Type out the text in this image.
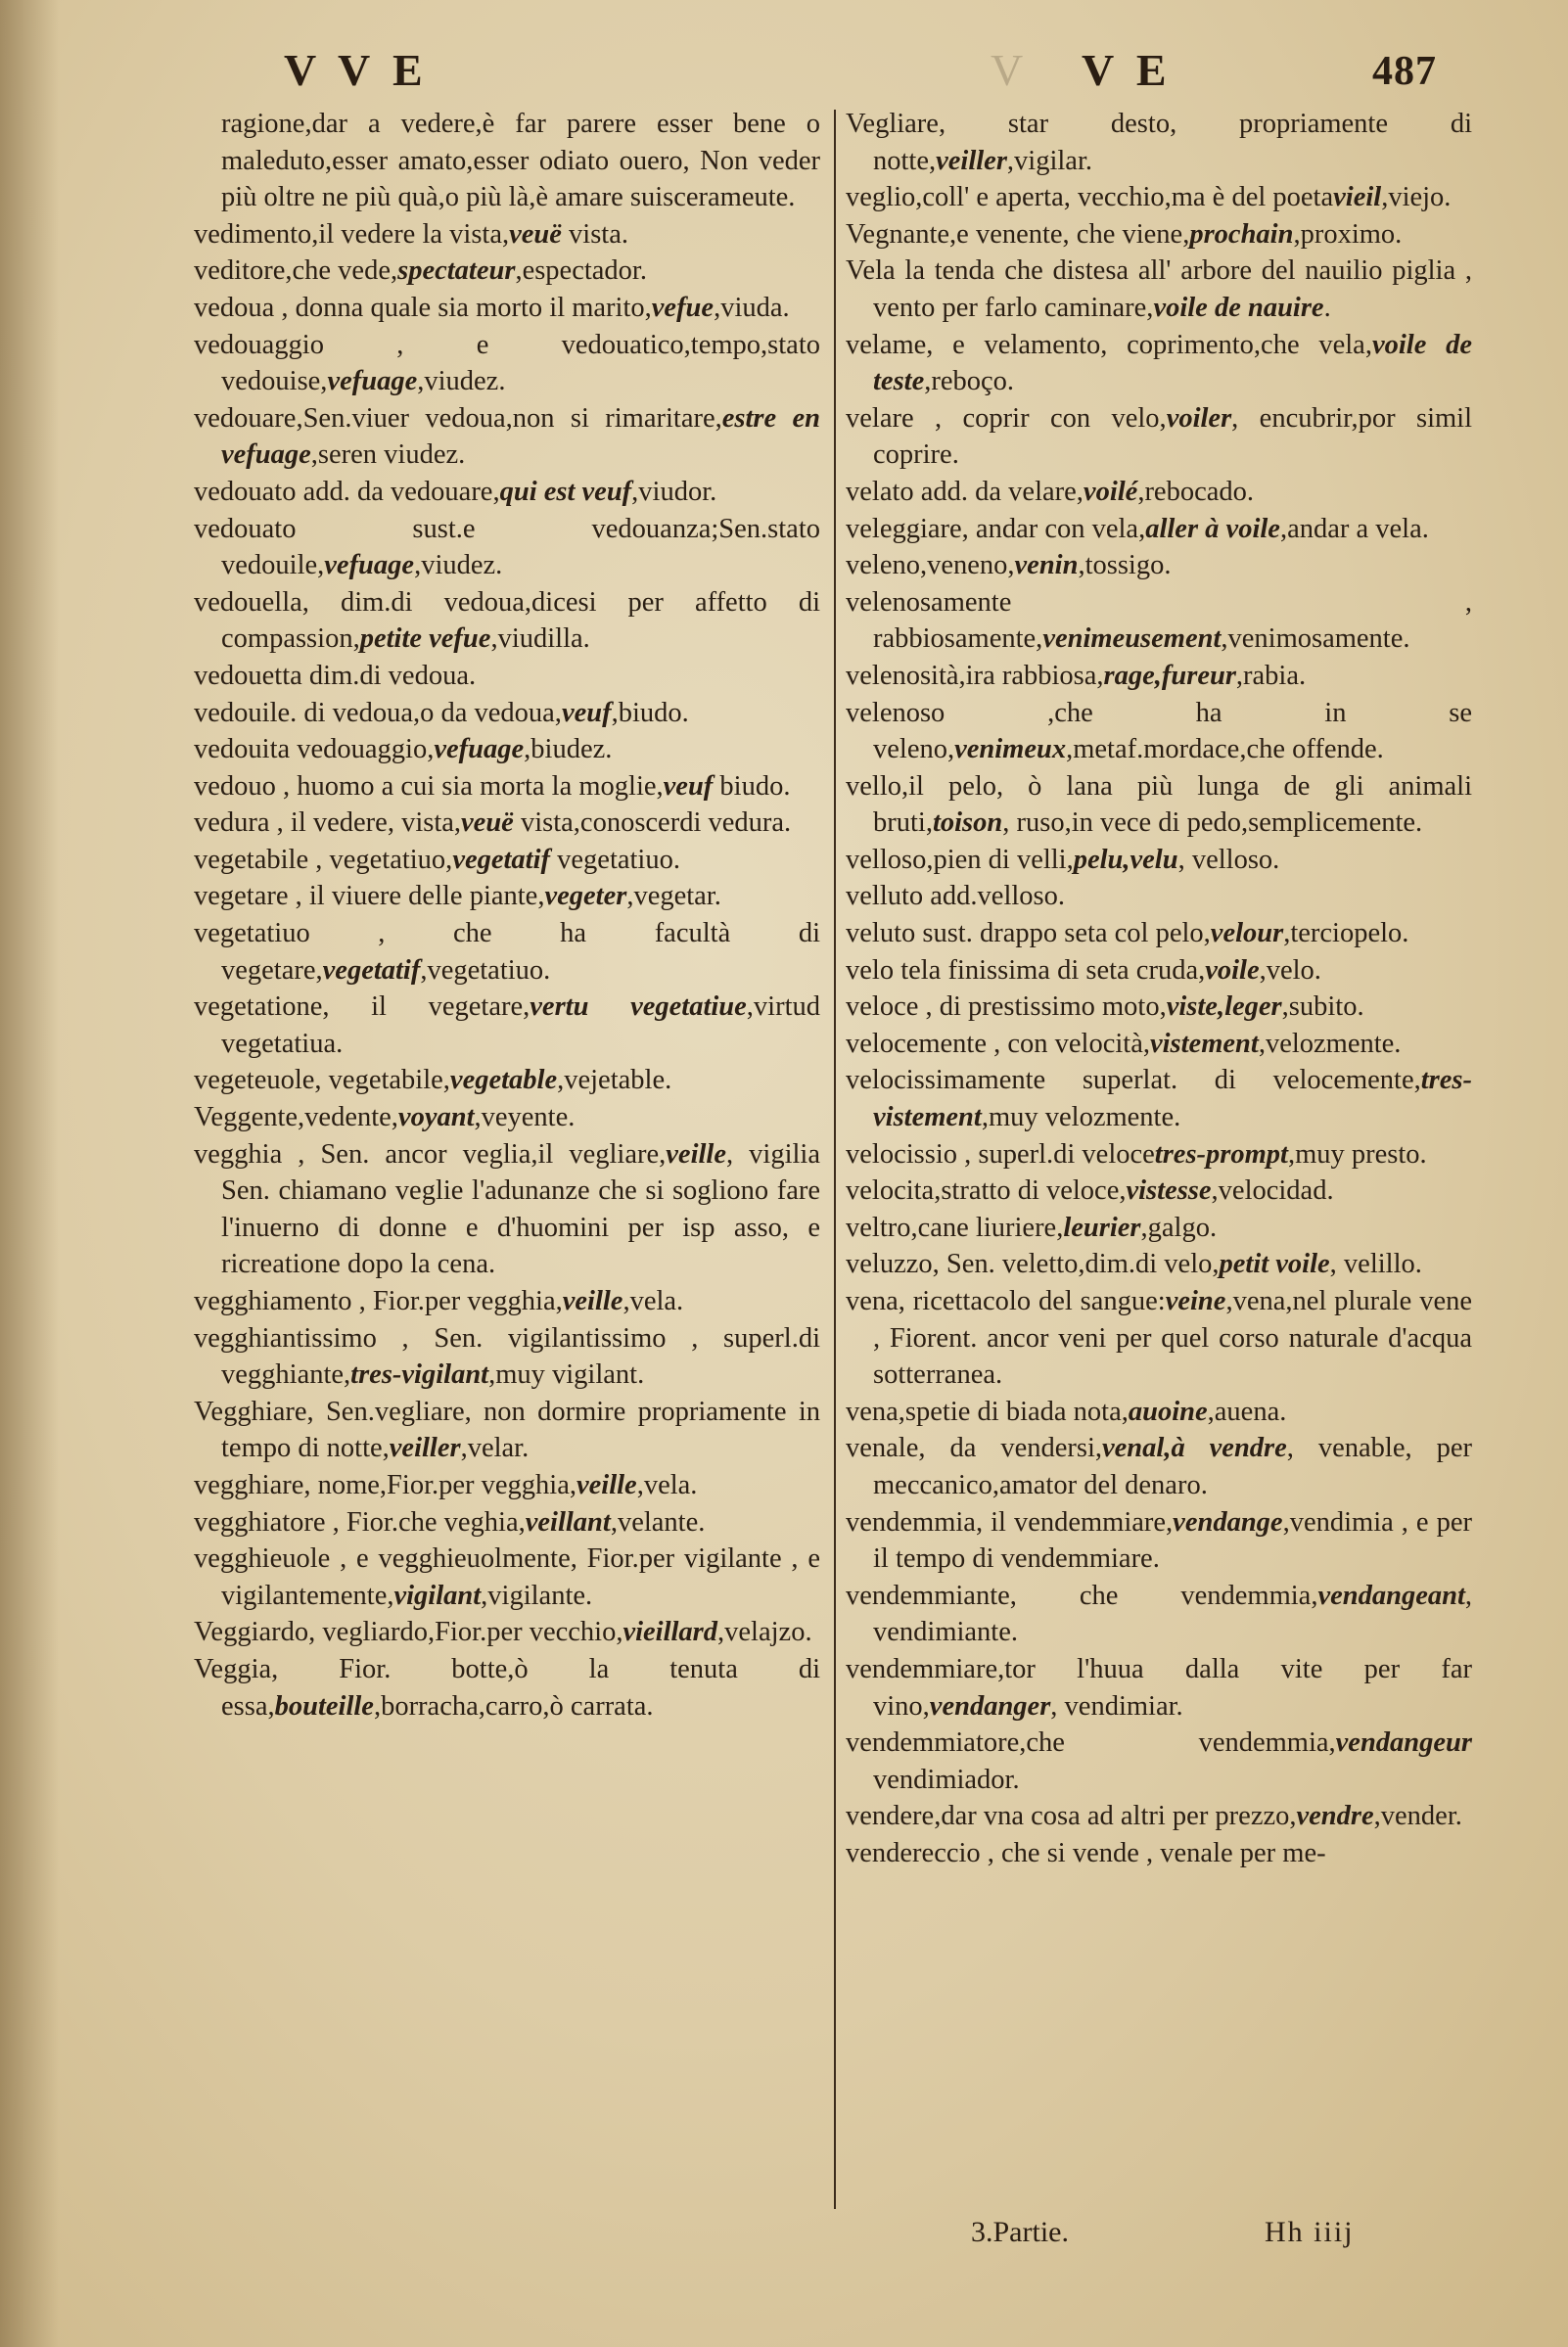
V V E	V V E	487
ragione,dar a vedere,è far parere esser bene o maleduto,esser amato,esser odiato ouero, Non veder più oltre ne più quà,o più là,è amare suiscerameute.
vedimento,il vedere la vista,veuë vista.
veditore,che vede,spectateur,espectador.
vedoua , donna quale sia morto il marito,vefue,viuda.
vedouaggio , e vedouatico,tempo,stato vedouise,vefuage,viudez.
vedouare,Sen.viuer vedoua,non si rimaritare,estre en vefuage,seren viudez.
vedouato add. da vedouare,qui est veuf,viudor.
vedouato sust.e vedouanza;Sen.stato vedouile,vefuage,viudez.
vedouella, dim.di vedoua,dicesi per affetto di compassion,petite vefue,viudilla.
vedouetta dim.di vedoua.
vedouile. di vedoua,o da vedoua,veuf,biudo.
vedouita vedouaggio,vefuage,biudez.
vedouo , huomo a cui sia morta la moglie,veuf biudo.
vedura , il vedere, vista,veuë vista,conoscerdi vedura.
vegetabile , vegetatiuo,vegetatif vegetatiuo.
vegetare , il viuere delle piante,vegeter,vegetar.
vegetatiuo , che ha facultà di vegetare,vegetatif,vegetatiuo.
vegetatione, il vegetare,vertu vegetatiue,virtud vegetatiua.
vegeteuole, vegetabile,vegetable,vejetable.
Veggente,vedente,voyant,veyente.
vegghia , Sen. ancor veglia,il vegliare,veille, vigilia Sen. chiamano veglie l'adunanze che si sogliono fare l'inuerno di donne e d'huomini per isp asso, e ricreatione dopo la cena.
vegghiamento , Fior.per vegghia,veille,vela.
vegghiantissimo , Sen. vigilantissimo , superl.di vegghiante,tres-vigilant,muy vigilant.
Vegghiare, Sen.vegliare, non dormire propriamente in tempo di notte,veiller,velar.
vegghiare, nome,Fior.per vegghia,veille,vela.
vegghiatore , Fior.che veghia,veillant,velante.
vegghieuole , e vegghieuolmente, Fior.per vigilante , e vigilantemente,vigilant,vigilante.
Veggiardo, vegliardo,Fior.per vecchio,vieillard,velajzo.
Veggia, Fior. botte,ò la tenuta di essa,bouteille,borracha,carro,ò carrata.
Vegliare, star desto, propriamente di notte,veiller,vigilar.
veglio,coll' e aperta, vecchio,ma è del poetavieil,viejo.
Vegnante,e venente, che viene,prochain,proximo.
Vela la tenda che distesa all' arbore del nauilio piglia , vento per farlo caminare,voile de nauire.
velame, e velamento, coprimento,che vela,voile de teste,reboço.
velare , coprir con velo,voiler, encubrir,por simil coprire.
velato add. da velare,voilé,rebocado.
veleggiare, andar con vela,aller à voile,andar a vela.
veleno,veneno,venin,tossigo.
velenosamente , rabbiosamente,venimeusement,venimosamente.
velenosità,ira rabbiosa,rage,fureur,rabia.
velenoso ,che ha in se veleno,venimeux,metaf.mordace,che offende.
vello,il pelo, ò lana più lunga de gli animali bruti,toison, ruso,in vece di pedo,semplicemente.
velloso,pien di velli,pelu,velu, velloso.
velluto add.velloso.
veluto sust. drappo seta col pelo,velour,terciopelo.
velo tela finissima di seta cruda,voile,velo.
veloce , di prestissimo moto,viste,leger,subito.
velocemente , con velocità,vistement,velozmente.
velocissimamente superlat. di velocemente,tres-vistement,muy velozmente.
velocissio , superl.di velocetres-prompt,muy presto.
velocita,stratto di veloce,vistesse,velocidad.
veltro,cane liuriere,leurier,galgo.
veluzzo, Sen. veletto,dim.di velo,petit voile, velillo.
vena, ricettacolo del sangue:veine,vena,nel plurale vene , Fiorent. ancor veni per quel corso naturale d'acqua sotterranea.
vena,spetie di biada nota,auoine,auena.
venale, da vendersi,venal,à vendre, venable, per meccanico,amator del denaro.
vendemmia, il vendemmiare,vendange,vendimia , e per il tempo di vendemmiare.
vendemmiante, che vendemmia,vendangeant, vendimiante.
vendemmiare,tor l'huua dalla vite per far vino,vendanger, vendimiar.
vendemmiatore,che vendemmia,vendangeur vendimiador.
vendere,dar vna cosa ad altri per prezzo,vendre,vender.
vendereccio , che si vende , venale per me-
3.Partie.	Hh iiij
